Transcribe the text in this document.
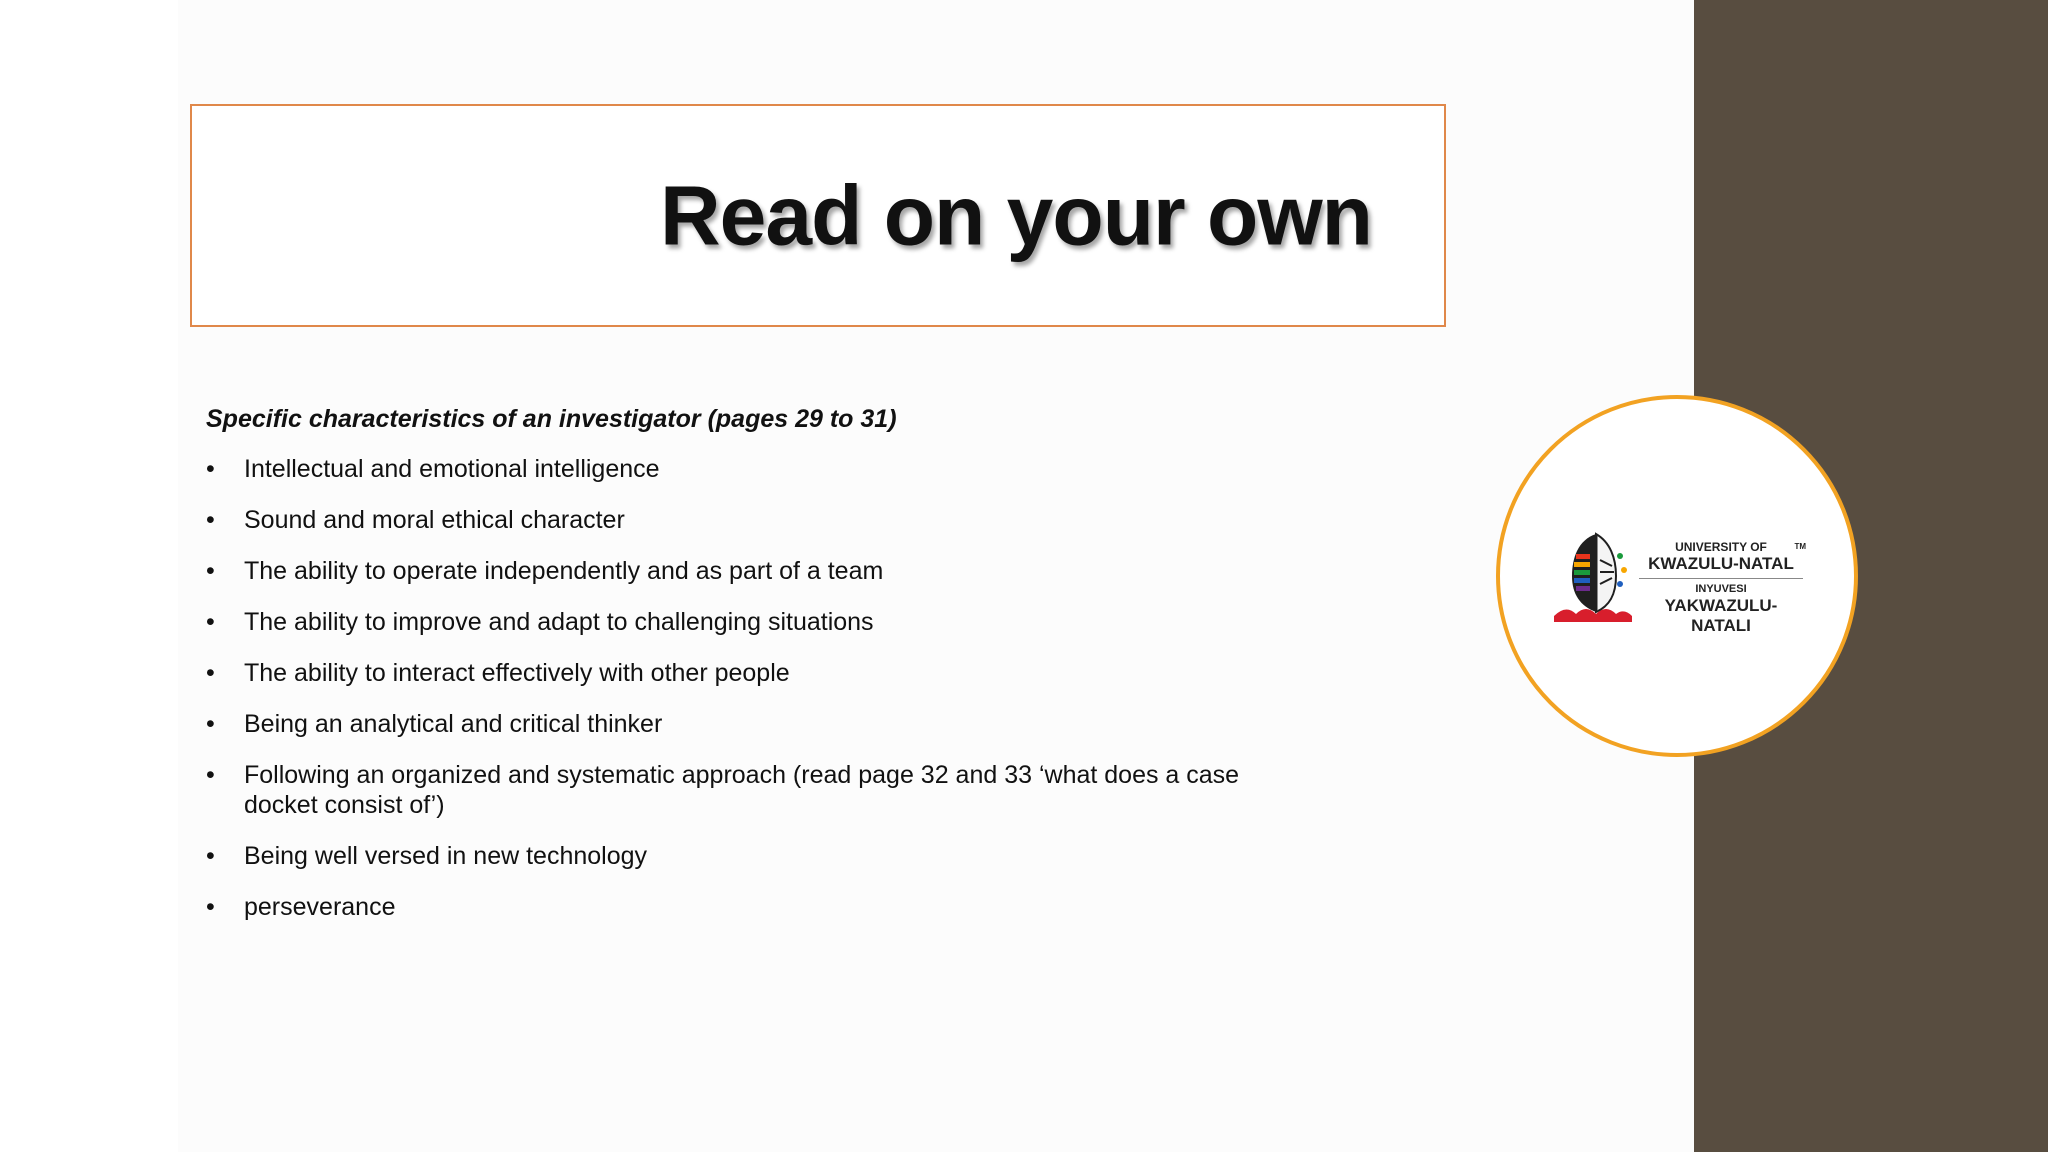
Read on your own

Specific characteristics of an investigator (pages 29 to 31)

•	Intellectual and emotional intelligence
•	Sound and moral ethical character
•	The ability to operate independently and as part of a team
•	The ability to improve and adapt to challenging situations
•	The ability to interact effectively with other people
•	Being an analytical and critical thinker
•	Following an organized and systematic approach (read page 32 and 33 ‘what does a case docket consist of’)
•	Being well versed in new technology
•	perseverance
UNIVERSITY OF
KWAZULU-NATAL
INYUVESI
YAKWAZULU-NATALI
TM
